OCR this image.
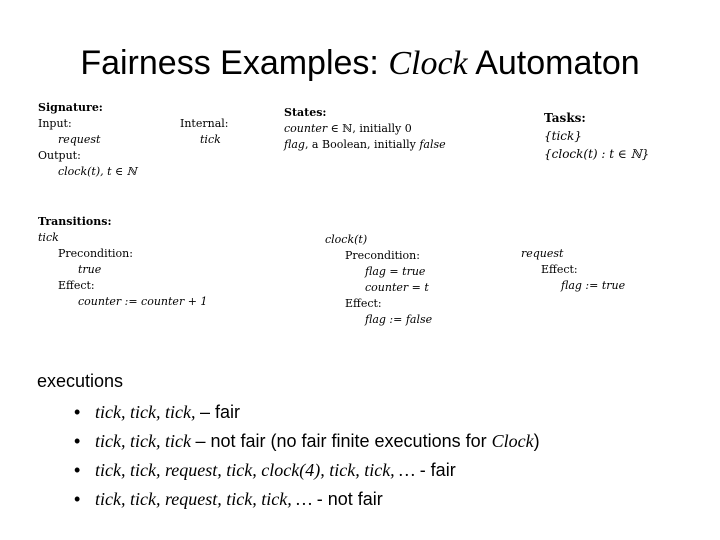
Fairness Examples: Clock Automaton
Signature:
Input:
request
Output:
clock(t), t ∈ ℕ
Internal:
tick
States:
counter ∈ ℕ, initially 0
flag, a Boolean, initially false
Tasks:
{tick}
{clock(t) : t ∈ ℕ}
Transitions:
tick
Precondition:
true
Effect:
counter := counter + 1
clock(t)
Precondition:
flag = true
counter = t
Effect:
flag := false
request
Effect:
flag := true
executions
• tick, tick, tick, – fair
• tick, tick, tick – not fair (no fair finite executions for Clock)
• tick, tick, request, tick, clock(4), tick, tick, … - fair
• tick, tick, request, tick, tick, … - not fair
